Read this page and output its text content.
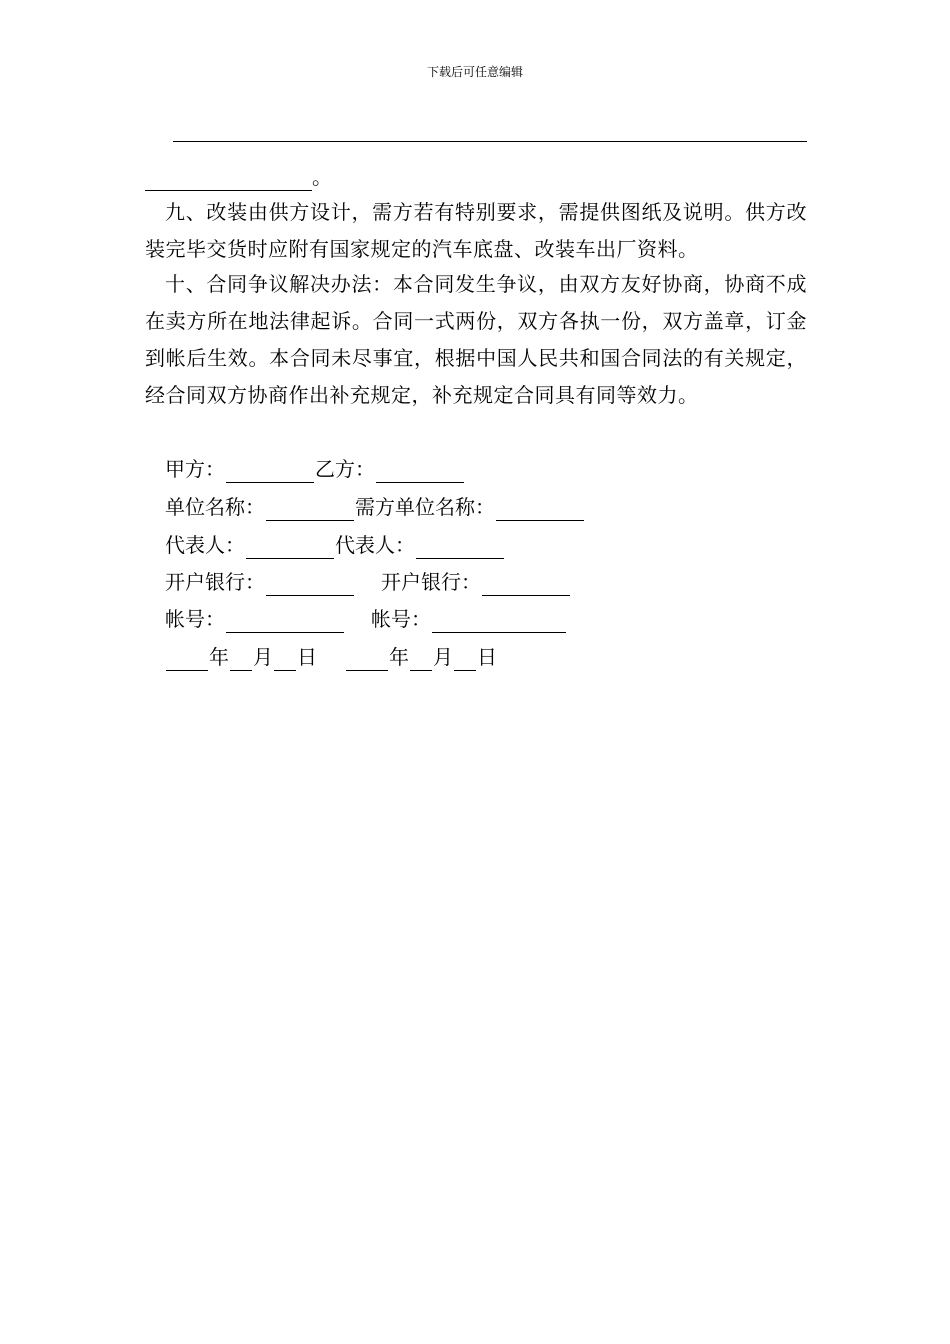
下载后可任意编辑
。

九、改装由供方设计，需方若有特别要求，需提供图纸及说明。供方改装完毕交货时应附有国家规定的汽车底盘、改装车出厂资料。

十、合同争议解决办法：本合同发生争议，由双方友好协商，协商不成在卖方所在地法律起诉。合同一式两份，双方各执一份，双方盖章，订金到帐后生效。本合同未尽事宜，根据中国人民共和国合同法的有关规定，经合同双方协商作出补充规定，补充规定合同具有同等效力。

甲方：	乙方：
单位名称：	需方单位名称：
代表人：	代表人：
开户银行：	开户银行：
帐号：	帐号：
年 月 日	年 月 日
